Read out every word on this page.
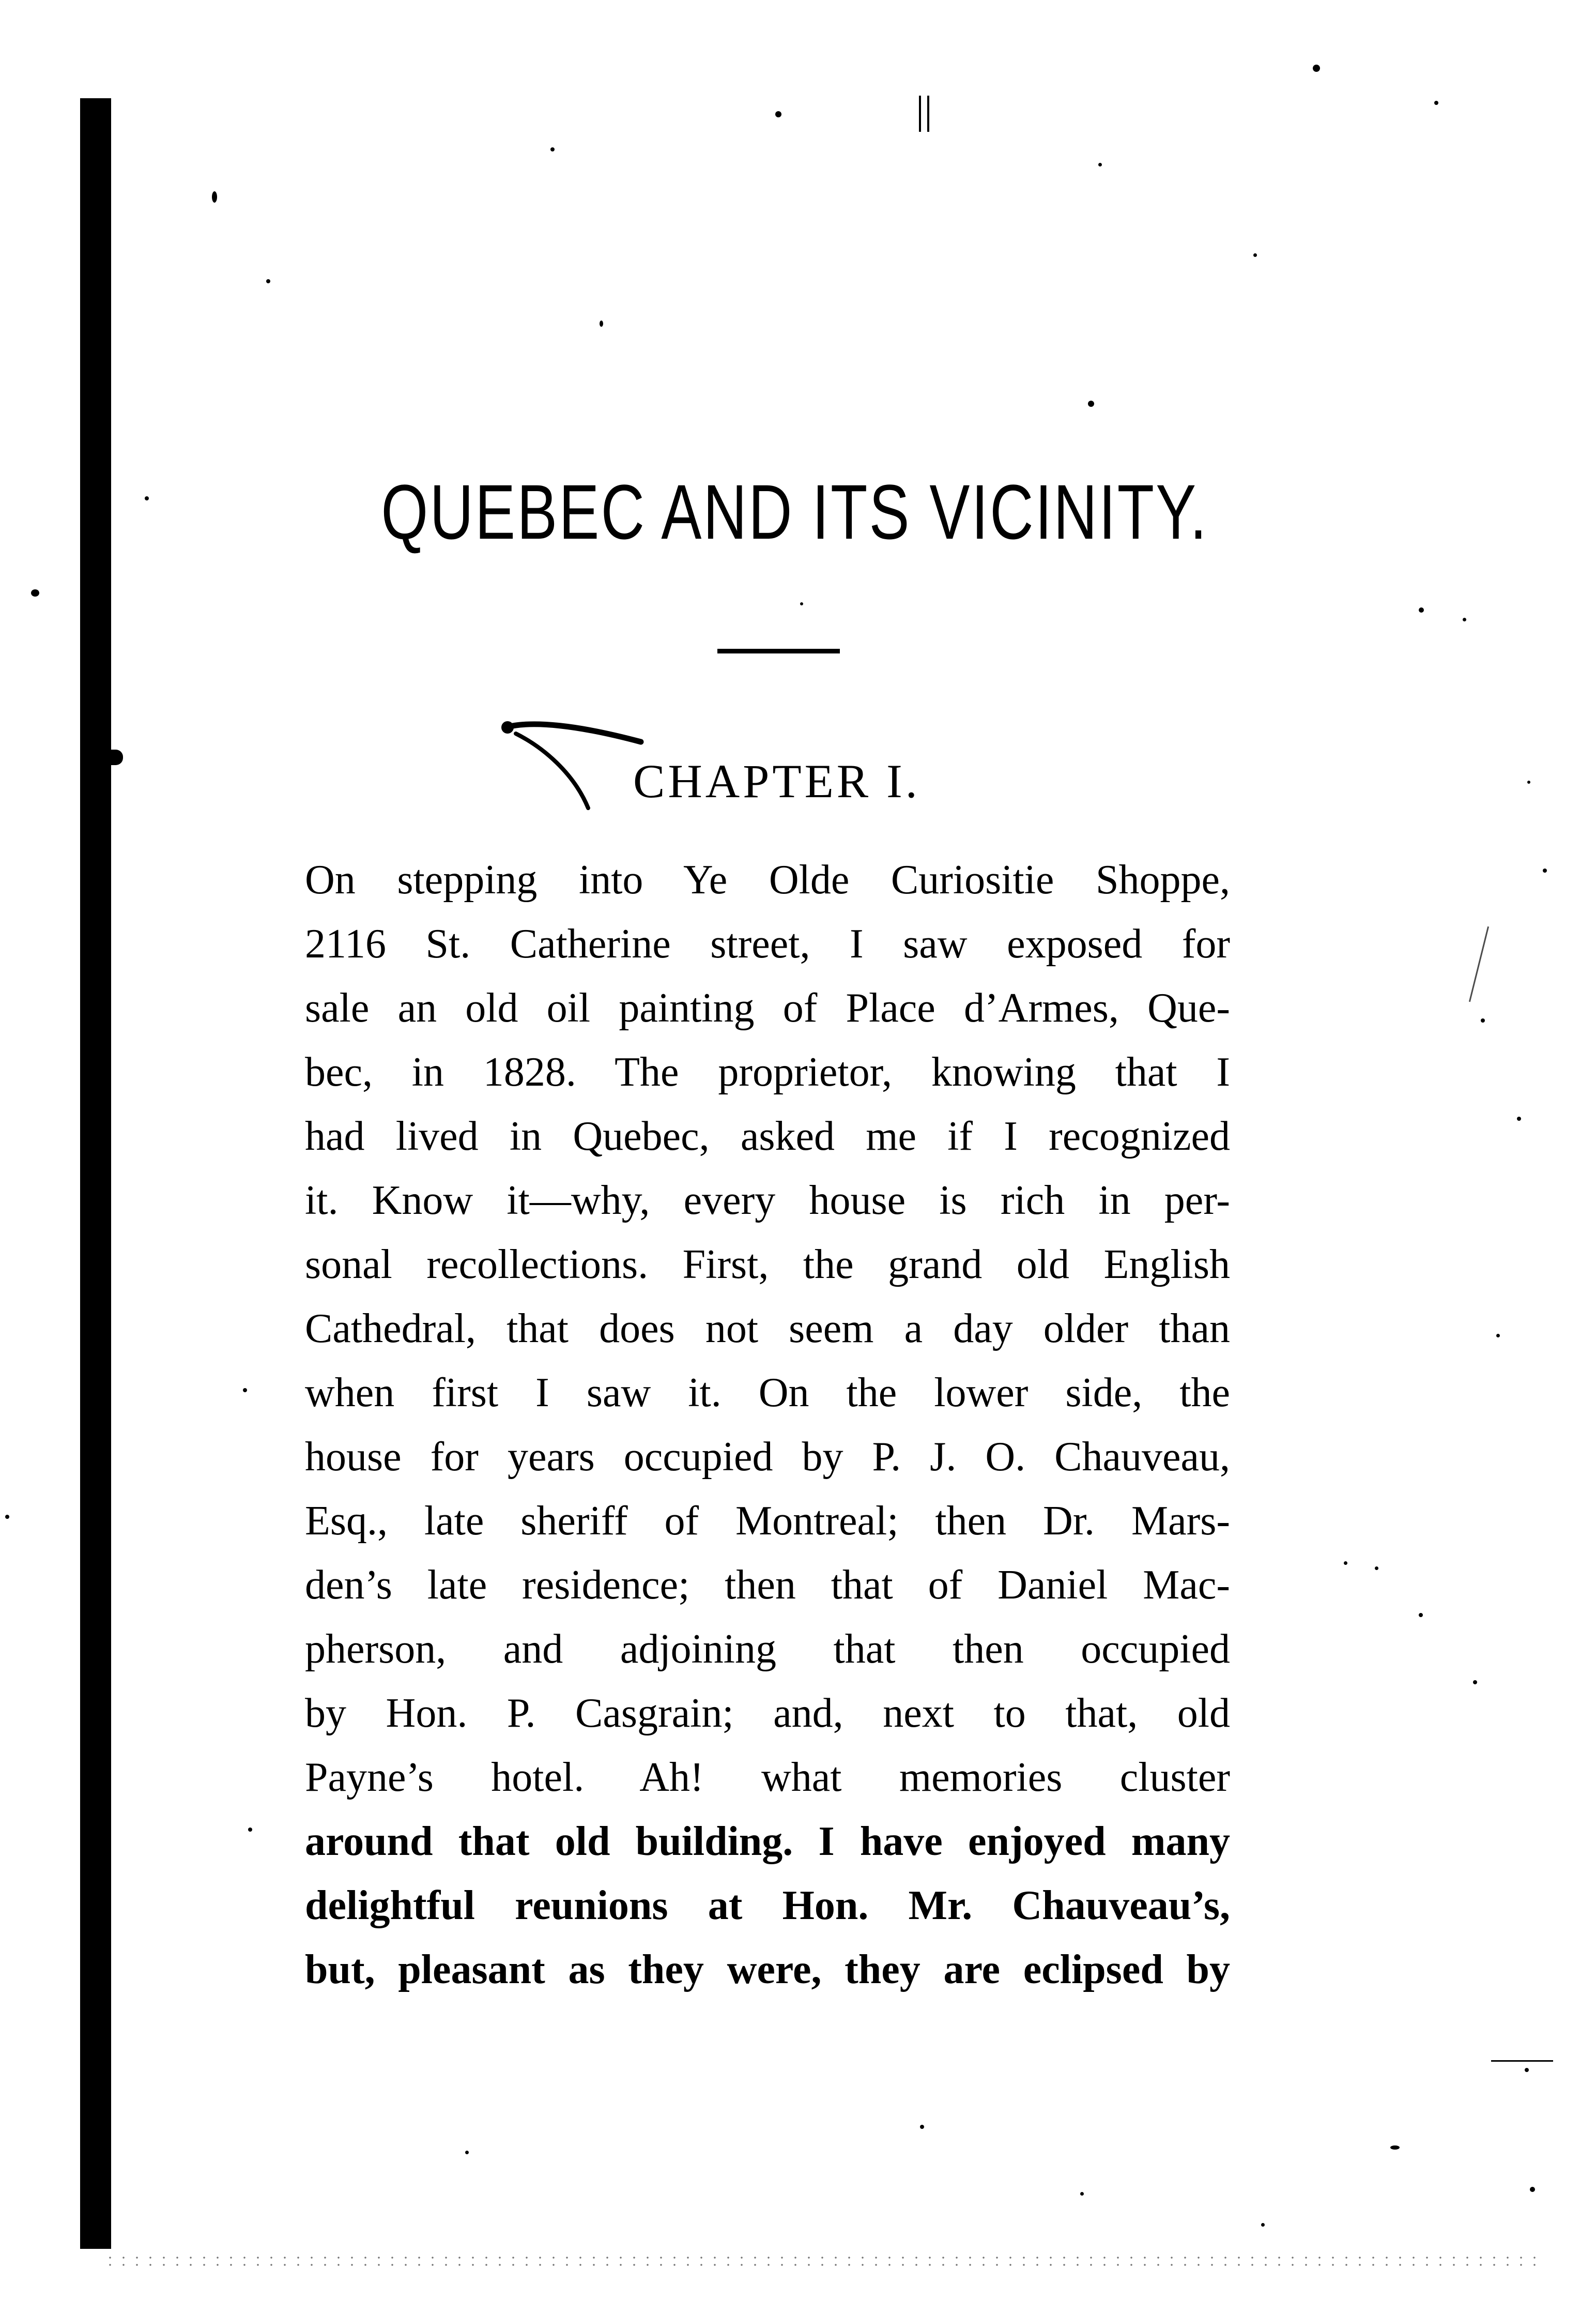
QUEBEC AND ITS VICINITY.
CHAPTER I.
On stepping into Ye Olde Curiositie Shoppe,
2116 St. Catherine street, I saw exposed for
sale an old oil painting of Place d’Armes, Que-
bec, in 1828. The proprietor, knowing that I
had lived in Quebec, asked me if I recognized
it. Know it—why, every house is rich in per-
sonal recollections. First, the grand old English
Cathedral, that does not seem a day older than
when first I saw it. On the lower side, the
house for years occupied by P. J. O. Chauveau,
Esq., late sheriff of Montreal; then Dr. Mars-
den’s late residence; then that of Daniel Mac-
pherson, and adjoining that then occupied
by Hon. P. Casgrain; and, next to that, old
Payne’s hotel. Ah! what memories cluster
around that old building. I have enjoyed many
delightful reunions at Hon. Mr. Chauveau’s,
but, pleasant as they were, they are eclipsed by
